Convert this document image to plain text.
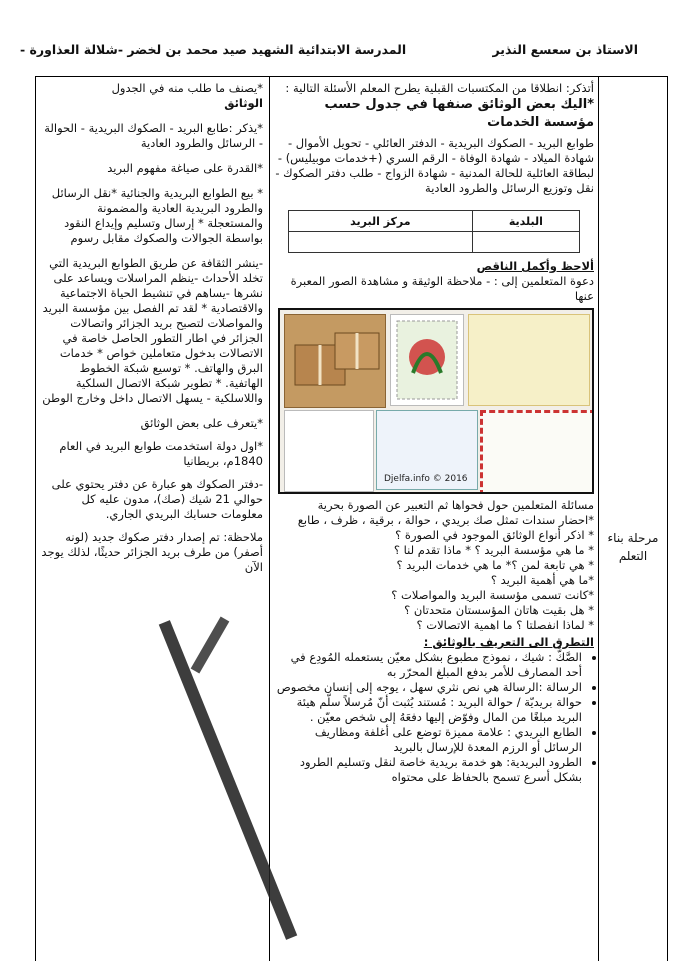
الاستاذ بن سعسع النذير
المدرسة الابتدائية الشهيد صيد محمد بن لخضر -شلالة العذاورة -
مرحلة بناء التعلم

أتذكر: انطلاقا من المكتسبات القبلية يطرح المعلم الأسئلة التالية :

*اليك بعض الوثائق صنفها في جدول حسب مؤسسة الخدمات

طوابع البريد - الصكوك البريدية - الدفتر العائلي - تحويل الأموال - شهادة الميلاد - شهادة الوفاة - الرقم السري (+خدمات موبيليس) - لبطاقة العائلية للحالة المدنية - شهادة الزواج - طلب دفتر الصكوك - نقل وتوزيع الرسائل والطرود العادية

البلدية	مركز البريد

ألاحظ وأكمل الناقص

دعوة المتعلمين إلى : - ملاحظة الوثيقة و مشاهدة الصور المعبرة عنها

Djelfa.info © 2016

مسائلة المتعلمين حول فحواها ثم التعبير عن الصورة بحرية

*احضار سندات تمثل صك بريدي ، حوالة ، برقية ، ظرف ، طابع

* اذكر أنواع الوثائق الموجود في الصورة ؟

* ما هي مؤسسة البريد ؟ * ماذا تقدم لنا ؟

* هي تابعة لمن ؟* ما هي خدمات البريد ؟

*ما هي أهمية البريد ؟

*كانت تسمى مؤسسة البريد والمواصلات ؟

* هل بقيت هاتان المؤسستان متحدتان ؟

* لماذا انفصلتا ؟ ما اهمية الاتصالات ؟

التطرق الى التعريف بالوثائق :

• الصَّكُّ : شيك ، نموذج مطبوع بشكل معيّن يستعمله المُودِع في أحد المصارف للأمر بدفع المبلغ المحرّر به
• الرسالة :الرسالة هي نص نثري سهل ، يوجه إلى إنسان مخصوص
• حوالة بريديّة / حوالة البريد : مُستند يُثبت أنّ مُرسلاً سلّم هيئة البريد مبلغًا من المال وفوّض إليها دفعَهُ إلى شخص معيّن .
• الطابع البريدي : علامة مميزة توضع على أغلفة ومظاريف الرسائل أو الرزم المعدة للإرسال بالبريد
• الطرود البريدية: هو خدمة بريدية خاصة لنقل وتسليم الطرود بشكل أسرع تسمح بالحفاظ على محتواه

*يصنف ما طلب منه في الجدول

الوثائق

*يذكر :طابع البريد - الصكوك البريدية - الحوالة - الرسائل والطرود العادية

*القدرة على صياغة مفهوم البريد

* بيع الطوابع البريدية والجنائية *نقل الرسائل والطرود البريدية العادية والمضمونة والمستعجلة * إرسال وتسليم وإيداع النقود بواسطة الجوالات والصكوك مقابل رسوم

-ينشر الثقافة عن طريق الطوابع البريدية التي تخلد الأحداث -ينظم المراسلات ويساعد على نشرها -يساهم في تنشيط الحياة الاجتماعية والاقتصادية * لقد تم الفصل بين مؤسسة البريد والمواصلات لتصبح بريد الجزائر واتصالات الجزائر في اطار التطور الحاصل خاصة في الاتصالات بدخول متعاملين خواص * خدمات البرق والهاتف. * توسيع شبكة الخطوط الهاتفية. * تطوير شبكة الاتصال السلكية واللاسلكية - يسهل الاتصال داخل وخارج الوطن

*يتعرف على بعض الوثائق

*اول دولة استخدمت طوابع البريد في العام 1840م، بريطانيا

-دفتر الصكوك هو عبارة عن دفتر يحتوي على حوالي 21 شيك (صك)، مدون عليه كل معلومات حسابك البريدي الجاري.

ملاحظة: تم إصدار دفتر صكوك جديد (لونه أصفر) من طرف بريد الجزائر حديثًا، لذلك يوجد الآن
